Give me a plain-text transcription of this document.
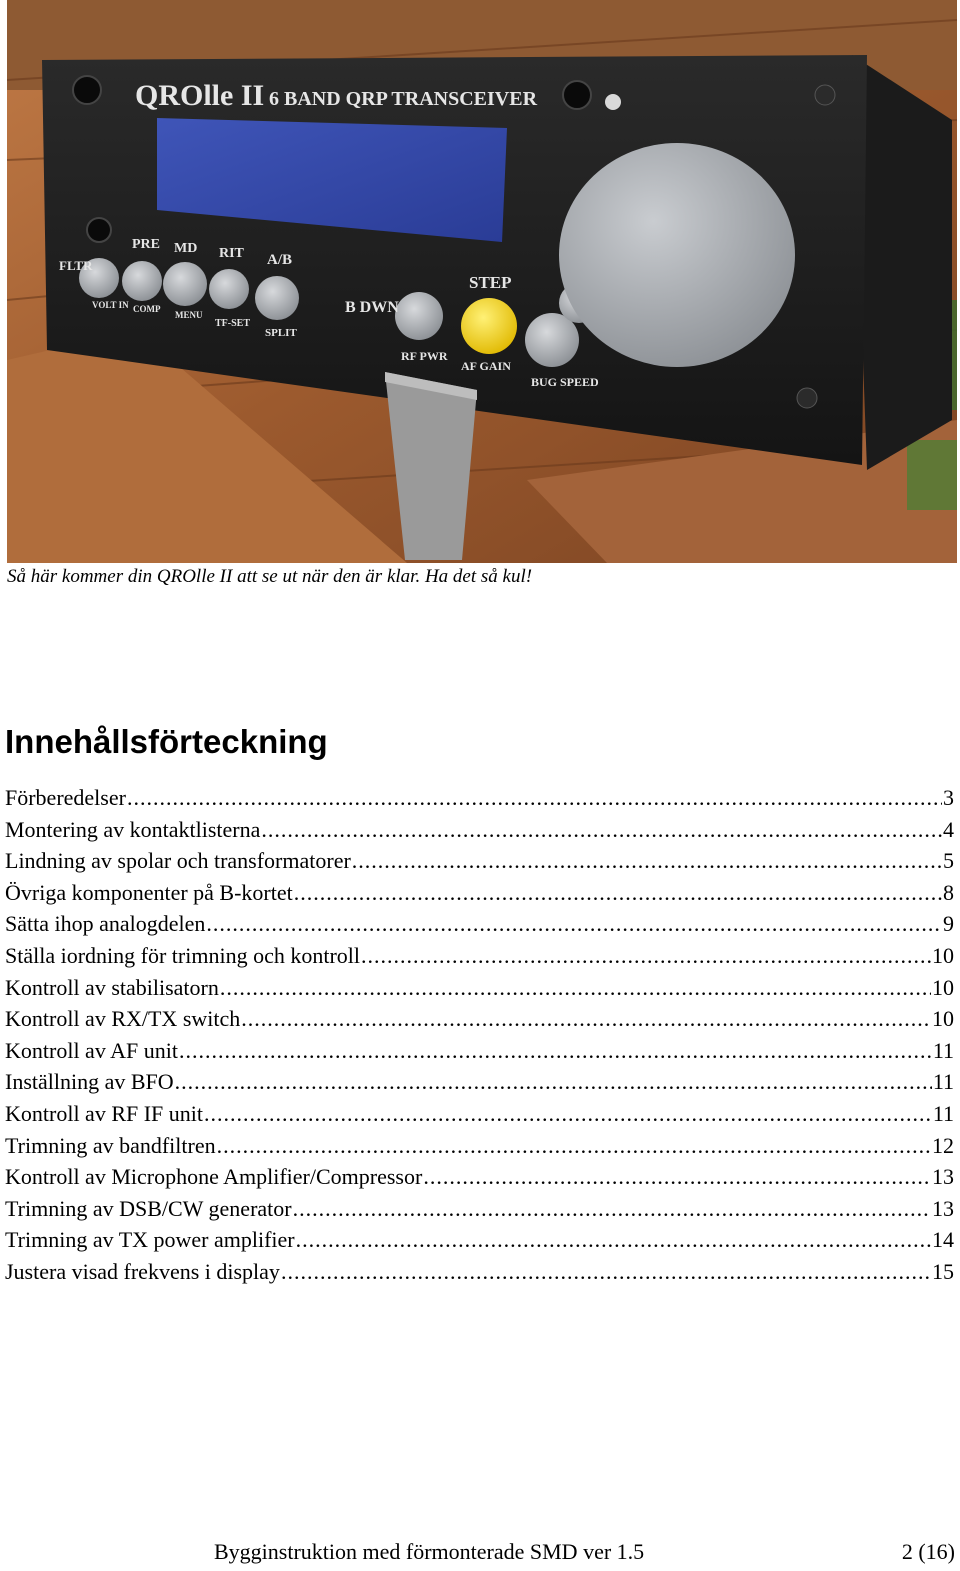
QROlle II 6 BAND QRP TRANSCEIVER
FLTR
PRE MD RIT A/B
VOLT IN COMP
MENU
TF-SET
SPLIT
B DWN
STEP
RF PWR
AF GAIN
BUG SPEED
Så här kommer din QROlle II att se ut när den är klar. Ha det så kul!
Innehållsförteckning
Förberedelser .....	3
Montering av kontaktlisterna .....	4
Lindning av spolar och transformatorer .....	5
Övriga komponenter på B-kortet .....	8
Sätta ihop analogdelen .....	9
Ställa iordning för trimning och kontroll .....	10
Kontroll av stabilisatorn .....	10
Kontroll av RX/TX switch .....	10
Kontroll av AF unit .....	11
Inställning av BFO .....	11
Kontroll av RF IF unit .....	11
Trimning av bandfiltren .....	12
Kontroll av Microphone Amplifier/Compressor .....	13
Trimning av DSB/CW generator .....	13
Trimning av TX power amplifier .....	14
Justera visad frekvens i display .....	15
Bygginstruktion med förmonterade SMD ver 1.5	2 (16)
